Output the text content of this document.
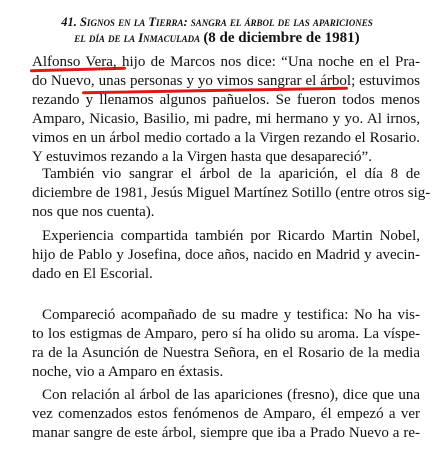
41. Signos en la Tierra: sangra el árbol de las apariciones
el día de la Inmaculada (8 de diciembre de 1981)

Alfonso Vera, hijo de Marcos nos dice: “Una noche en el Pra-
do Nuevo, unas personas y yo vimos sangrar el árbol; estuvimos
rezando y llenamos algunos pañuelos. Se fueron todos menos
Amparo, Nicasio, Basilio, mi padre, mi hermano y yo. Al irnos,
vimos en un árbol medio cortado a la Virgen rezando el Rosario.
Y estuvimos rezando a la Virgen hasta que desapareció”.

También vio sangrar el árbol de la aparición, el día 8 de
diciembre de 1981, Jesús Miguel Martínez Sotillo (entre otros sig-
nos que nos cuenta).

Experiencia compartida también por Ricardo Martin Nobel,
hijo de Pablo y Josefina, doce años, nacido en Madrid y avecin-
dado en El Escorial.

Compareció acompañado de su madre y testifica: No ha vis-
to los estigmas de Amparo, pero sí ha olido su aroma. La víspe-
ra de la Asunción de Nuestra Señora, en el Rosario de la media
noche, vio a Amparo en éxtasis.

Con relación al árbol de las apariciones (fresno), dice que una
vez comenzados estos fenómenos de Amparo, él empezó a ver
manar sangre de este árbol, siempre que iba a Prado Nuevo a re-
